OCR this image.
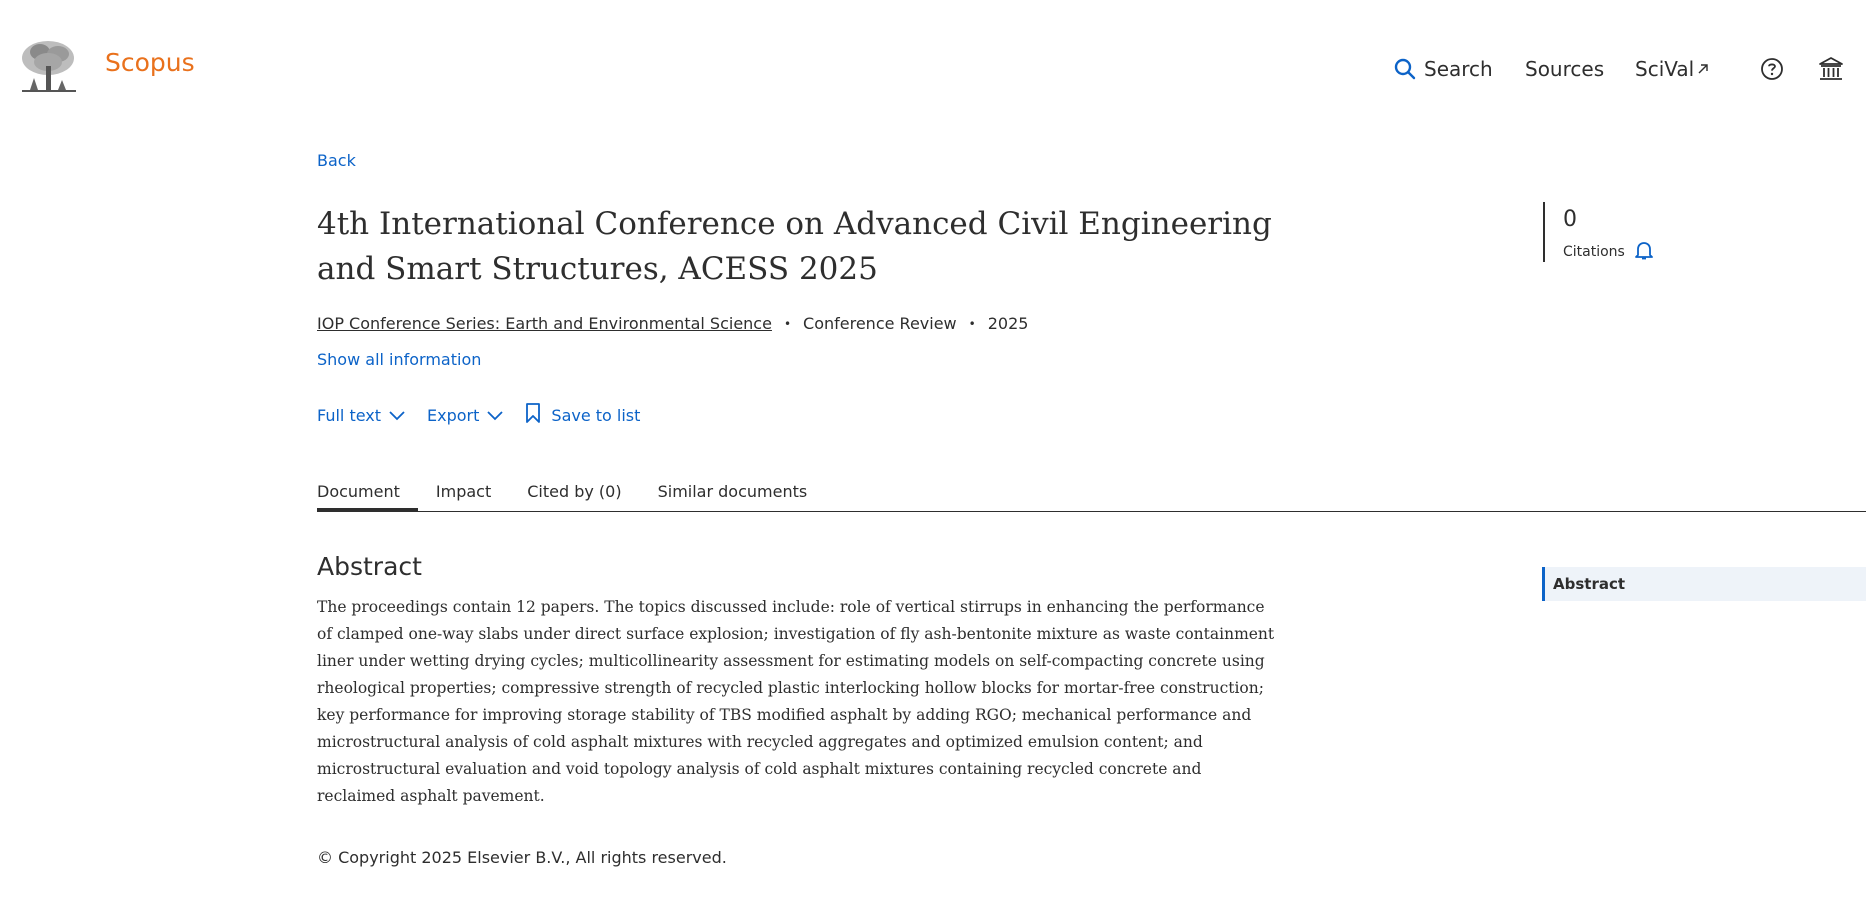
Scopus	Search Sources SciVal
Back
4th International Conference on Advanced Civil Engineering and Smart Structures, ACESS 2025
IOP Conference Series: Earth and Environmental Science • Conference Review • 2025
Show all information
Full text	Export	Save to list
0
Citations
Document Impact Cited by (0) Similar documents
Abstract

The proceedings contain 12 papers. The topics discussed include: role of vertical stirrups in enhancing the performance of clamped one-way slabs under direct surface explosion; investigation of fly ash-bentonite mixture as waste containment liner under wetting drying cycles; multicollinearity assessment for estimating models on self-compacting concrete using rheological properties; compressive strength of recycled plastic interlocking hollow blocks for mortar-free construction; key performance for improving storage stability of TBS modified asphalt by adding RGO; mechanical performance and microstructural analysis of cold asphalt mixtures with recycled aggregates and optimized emulsion content; and microstructural evaluation and void topology analysis of cold asphalt mixtures containing recycled concrete and reclaimed asphalt pavement.

© Copyright 2025 Elsevier B.V., All rights reserved.
Abstract
